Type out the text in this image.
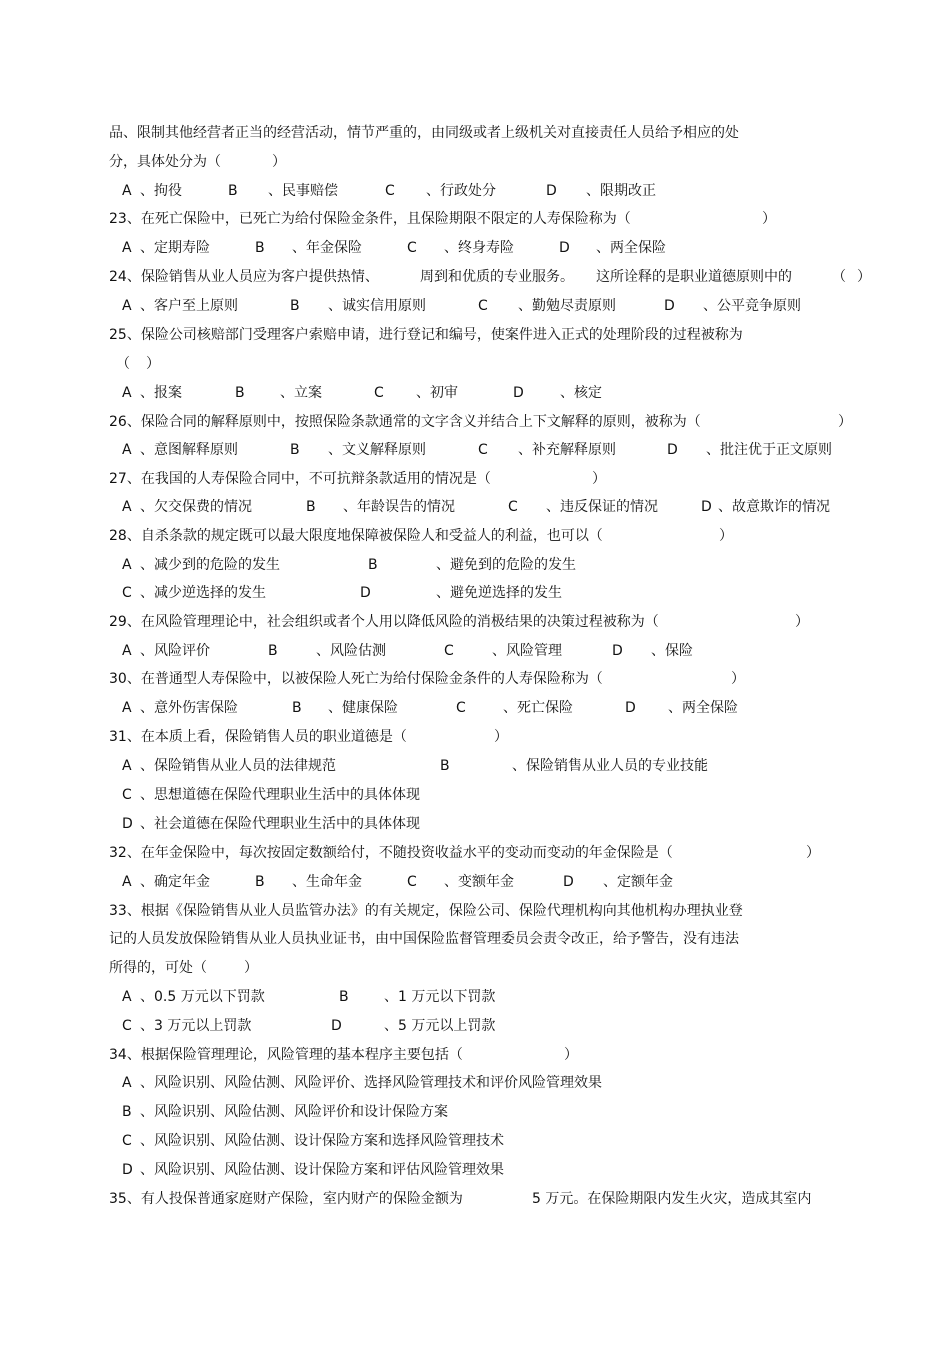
品、限制其他经营者正当的经营活动，情节严重的，由同级或者上级机关对直接责任人员给予相应的处
分，具体处分为（	）
A 、拘役	B 、民事赔偿	C 、行政处分	D 、限期改正
23、在死亡保险中，已死亡为给付保险金条件，且保险期限不限定的人寿保险称为（	）
A 、定期寿险	B 、年金保险	C 、终身寿险	D 、两全保险
24、保险销售从业人员应为客户提供热情、	周到和优质的专业服务。 这所诠释的是职业道德原则中的	（ ）
A 、客户至上原则	B 、诚实信用原则	C 、勤勉尽责原则	D 、公平竞争原则
25、保险公司核赔部门受理客户索赔申请，进行登记和编号，使案件进入正式的处理阶段的过程被称为
（ ）
A 、报案	B	、立案	C 、初审	D	、核定
26、保险合同的解释原则中，按照保险条款通常的文字含义并结合上下文解释的原则，被称为（	）
A 、意图解释原则	B 、文义解释原则	C 、补充解释原则	D 、批注优于正文原则
27、在我国的人寿保险合同中，不可抗辩条款适用的情况是（	）
A 、欠交保费的情况	B 、年龄误告的情况	C 、违反保证的情况	D 、故意欺诈的情况
28、自杀条款的规定既可以最大限度地保障被保险人和受益人的利益，也可以（	）
A 、减少到的危险的发生	B	、避免到的危险的发生
C 、减少逆选择的发生	D	、避免逆选择的发生
29、在风险管理理论中，社会组织或者个人用以降低风险的消极结果的决策过程被称为（	）
A 、风险评价	B	、风险估测	C	、风险管理	D 、保险
30、在普通型人寿保险中，以被保险人死亡为给付保险金条件的人寿保险称为（	）
A 、意外伤害保险	B 、健康保险	C	、死亡保险	D 、两全保险
31、在本质上看，保险销售人员的职业道德是（	）
A 、保险销售从业人员的法律规范	B	、保险销售从业人员的专业技能
C 、思想道德在保险代理职业生活中的具体体现
D 、社会道德在保险代理职业生活中的具体体现
32、在年金保险中，每次按固定数额给付，不随投资收益水平的变动而变动的年金保险是（	）
A 、确定年金	B 、生命年金	C 、变额年金	D 、定额年金
33、根据《保险销售从业人员监管办法》的有关规定，保险公司、保险代理机构向其他机构办理执业登
记的人员发放保险销售从业人员执业证书，由中国保险监督管理委员会责令改正，给予警告，没有违法
所得的，可处（	）
A 、0.5 万元以下罚款	B	、1 万元以下罚款
C 、3 万元以上罚款	D	、5 万元以上罚款
34、根据保险管理理论，风险管理的基本程序主要包括（	）
A 、风险识别、风险估测、风险评价、选择风险管理技术和评价风险管理效果
B 、风险识别、风险估测、风险评价和设计保险方案
C 、风险识别、风险估测、设计保险方案和选择风险管理技术
D 、风险识别、风险估测、设计保险方案和评估风险管理效果
35、有人投保普通家庭财产保险，室内财产的保险金额为	5 万元。在保险期限内发生火灾，造成其室内
